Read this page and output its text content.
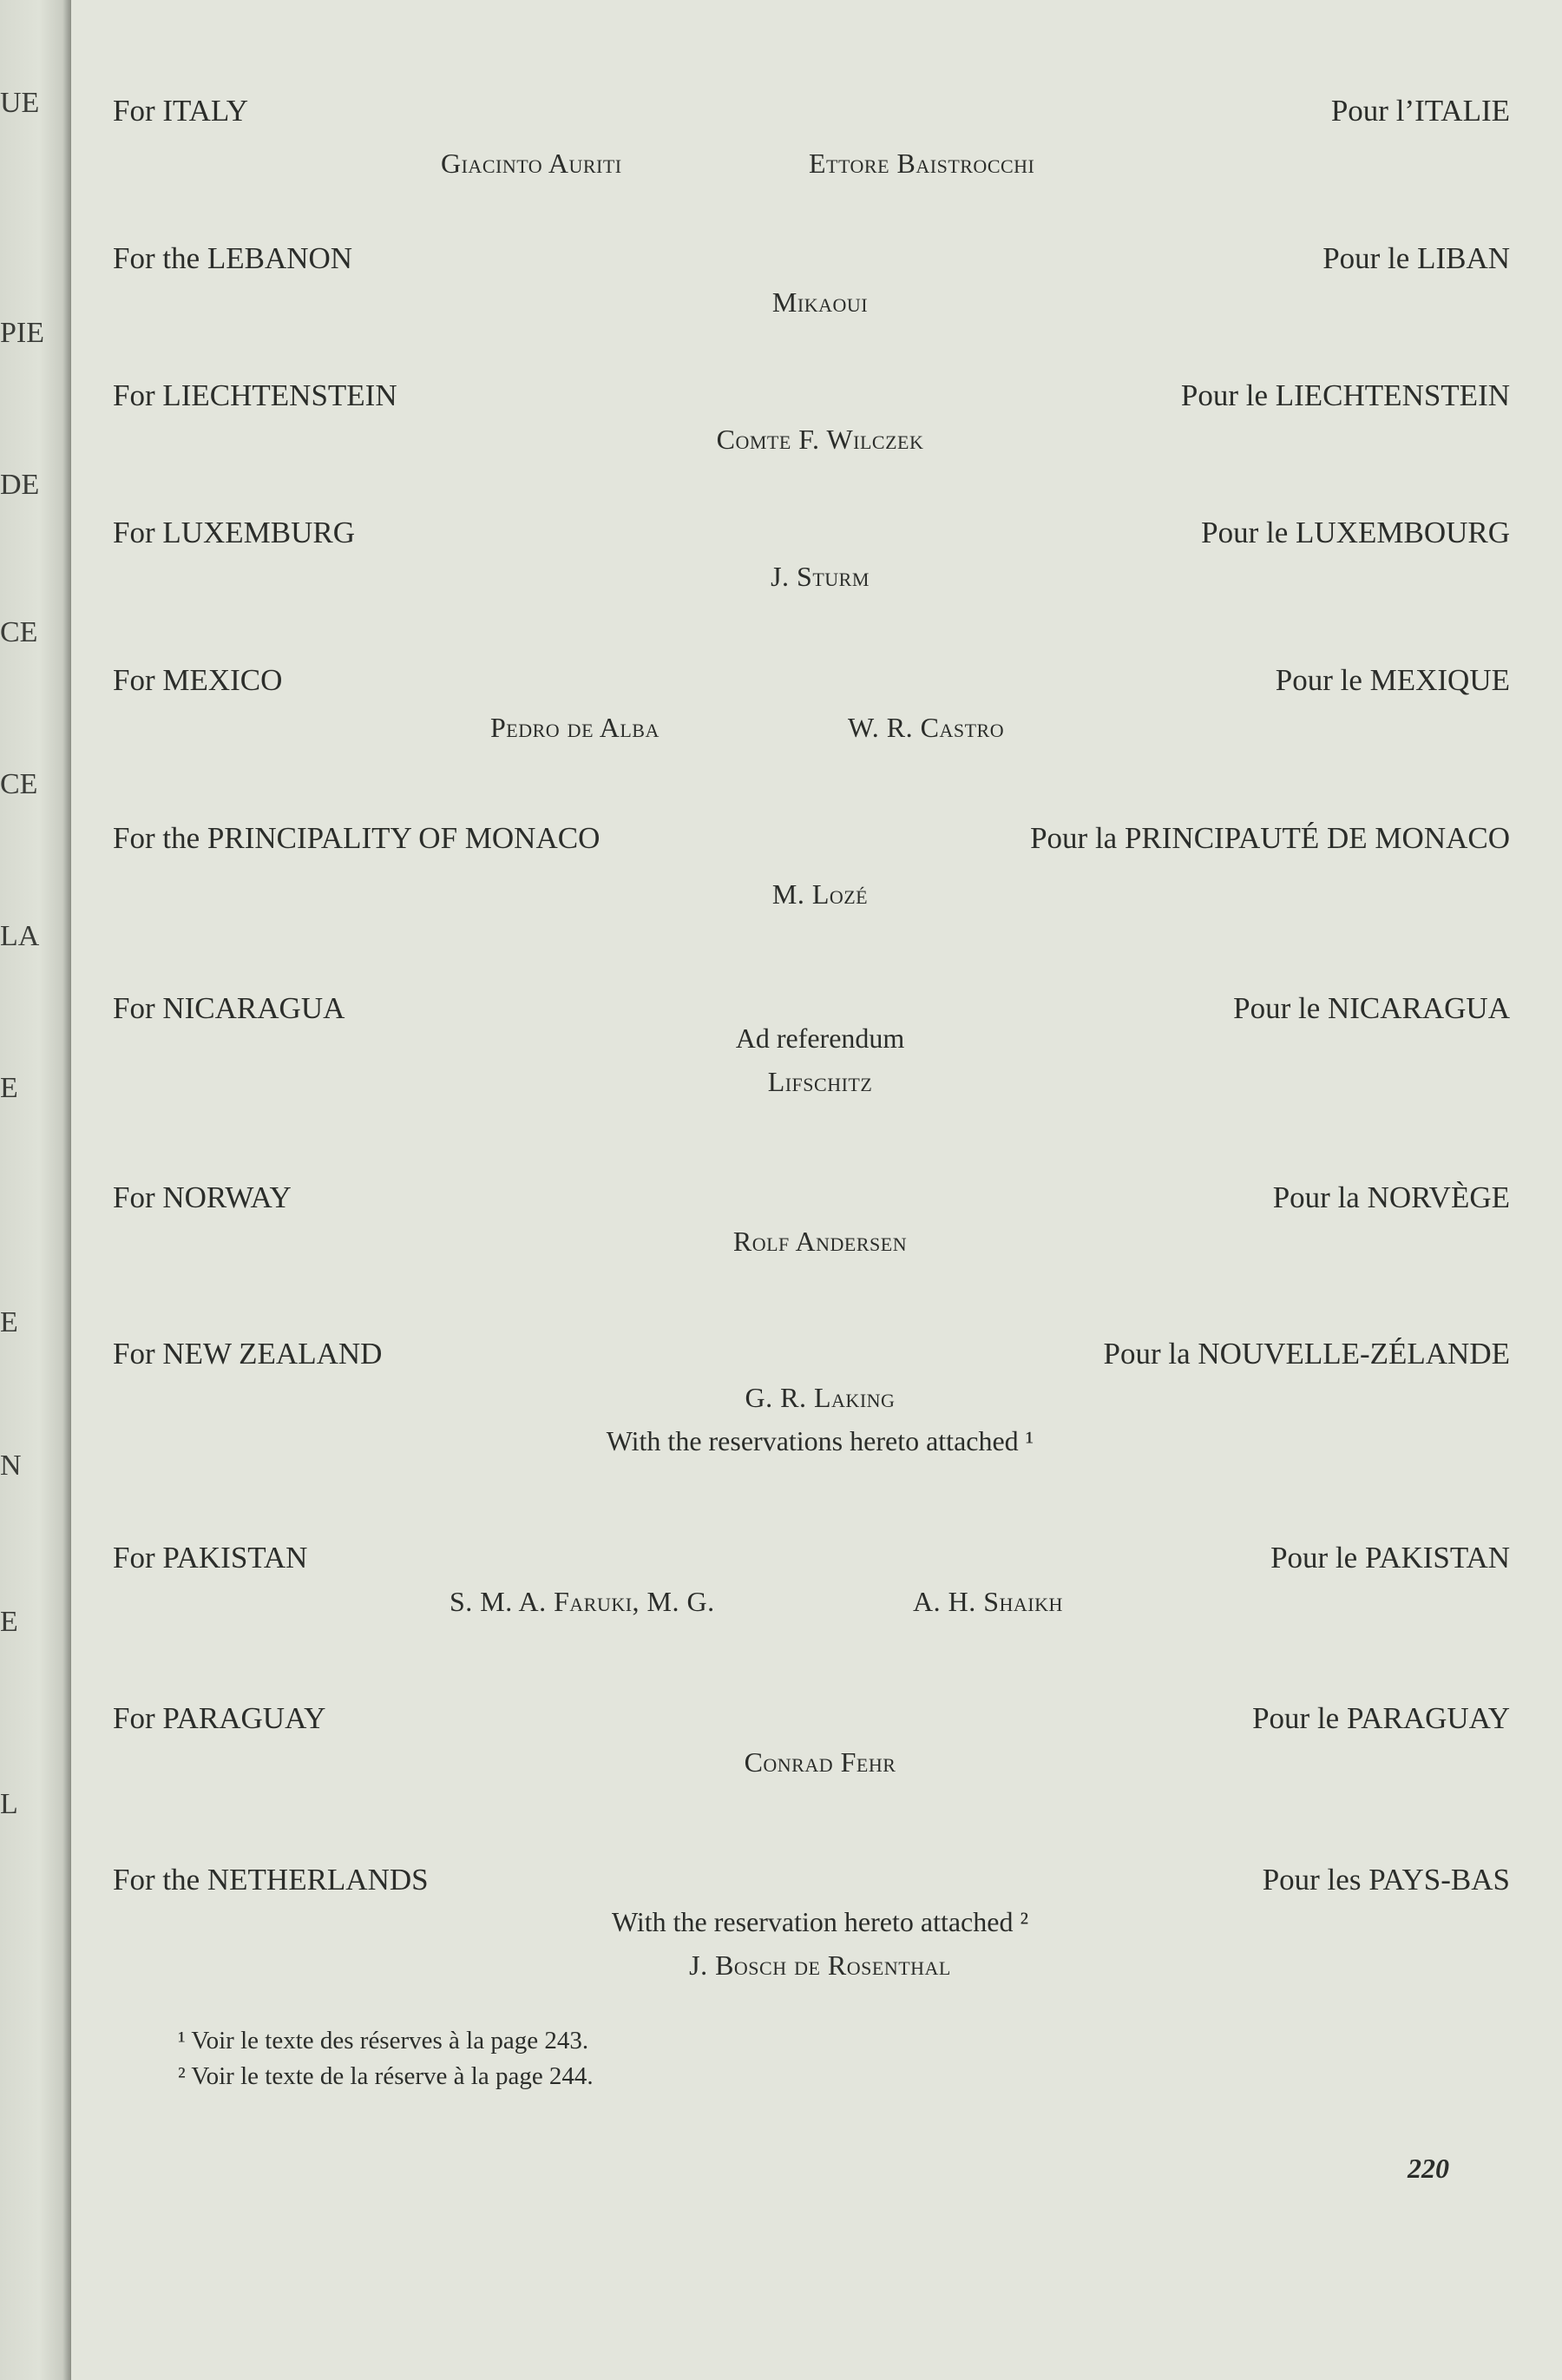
UE
PIE
DE
CE
CE
LA
E
E
N
E
L
For ITALY	Pour l’ITALIE
Giacinto Auriti	Ettore Baistrocchi
For the LEBANON	Pour le LIBAN
Mikaoui
For LIECHTENSTEIN	Pour le LIECHTENSTEIN
Comte F. Wilczek
For LUXEMBURG	Pour le LUXEMBOURG
J. Sturm
For MEXICO	Pour le MEXIQUE
Pedro de Alba	W. R. Castro
For the PRINCIPALITY OF MONACO	Pour la PRINCIPAUTÉ DE MONACO
M. Lozé
For NICARAGUA	Pour le NICARAGUA
Ad referendum
Lifschitz
For NORWAY	Pour la NORVÈGE
Rolf Andersen
For NEW ZEALAND	Pour la NOUVELLE-ZÉLANDE
G. R. Laking
With the reservations hereto attached ¹
For PAKISTAN	Pour le PAKISTAN
S. M. A. Faruki, M. G.	A. H. Shaikh
For PARAGUAY	Pour le PARAGUAY
Conrad Fehr
For the NETHERLANDS	Pour les PAYS-BAS
With the reservation hereto attached ²
J. Bosch de Rosenthal
¹ Voir le texte des réserves à la page 243.
² Voir le texte de la réserve à la page 244.
220
